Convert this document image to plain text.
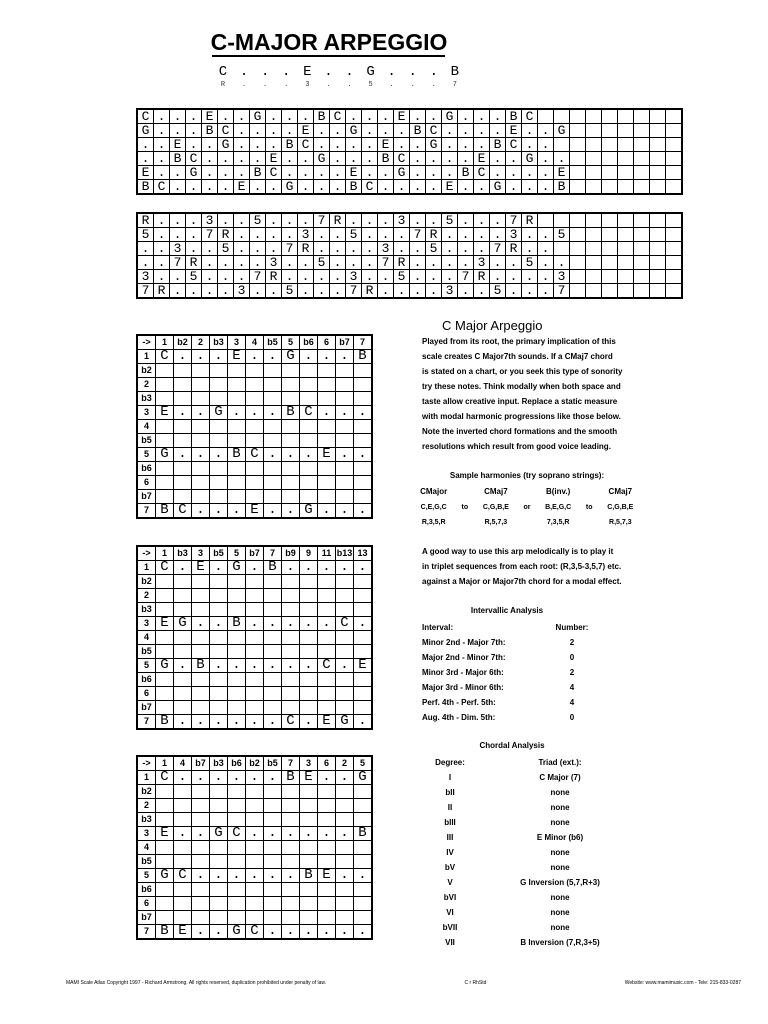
C-MAJOR ARPEGGIO
C . . . E . . G . . . B
R	.	.	.	3	.	.	5	.	.	.	7
C	.	.	.	E	.	.	G	.	.	.	B	C	.	.	.	E	.	.	G	.	.	.	B	C									
G	.	.	.	B	C	.	.	.	.	E	.	.	G	.	.	.	B	C	.	.	.	.	E	.	.	G							
.	.	E	.	.	G	.	.	.	B	C	.	.	.	.	E	.	.	G	.	.	.	B	C	.	.								
.	.	B	C	.	.	.	.	E	.	.	G	.	.	.	B	C	.	.	.	.	E	.	.	G	.	.							
E	.	.	G	.	.	.	B	C	.	.	.	.	E	.	.	G	.	.	.	B	C	.	.	.	.	E							
B	C	.	.	.	.	E	.	.	G	.	.	.	B	C	.	.	.	.	E	.	.	G	.	.	.	B							
R	.	.	.	3	.	.	5	.	.	.	7	R	.	.	.	3	.	.	5	.	.	.	7	R									
5	.	.	.	7	R	.	.	.	.	3	.	.	5	.	.	.	7	R	.	.	.	.	3	.	.	5							
.	.	3	.	.	5	.	.	.	7	R	.	.	.	.	3	.	.	5	.	.	.	7	R	.	.								
.	.	7	R	.	.	.	.	3	.	.	5	.	.	.	7	R	.	.	.	.	3	.	.	5	.	.							
3	.	.	5	.	.	.	7	R	.	.	.	.	3	.	.	5	.	.	.	7	R	.	.	.	.	3							
7	R	.	.	.	.	3	.	.	5	.	.	.	7	R	.	.	.	.	3	.	.	5	.	.	.	7							
->	1	b2	2	b3	3	4	b5	5	b6	6	b7	7
1	C	.	.	.	E	.	.	G	.	.	.	B
b2												
2												
b3												
3	E	.	.	G	.	.	.	B	C	.	.	.
4												
b5												
5	G	.	.	.	B	C	.	.	.	E	.	.
b6												
6												
b7												
7	B	C	.	.	.	E	.	.	G	.	.	.
->	1	b3	3	b5	5	b7	7	b9	9	11	b13	13
1	C	.	E	.	G	.	B	.	.	.	.	.
b2												
2												
b3												
3	E	G	.	.	B	.	.	.	.	.	C	.
4												
b5												
5	G	.	B	.	.	.	.	.	.	C	.	E
b6												
6												
b7												
7	B	.	.	.	.	.	.	C	.	E	G	.
->	1	4	b7	b3	b6	b2	b5	7	3	6	2	5
1	C	.	.	.	.	.	.	B	E	.	.	G
b2												
2												
b3												
3	E	.	.	G	C	.	.	.	.	.	.	B
4												
b5												
5	G	C	.	.	.	.	.	.	B	E	.	.
b6												
6												
b7												
7	B	E	.	.	G	C	.	.	.	.	.	.
C Major Arpeggio
Played from its root, the primary implication of this
scale creates C Major7th sounds. If a CMaj7 chord
is stated on a chart, or you seek this type of sonority
try these notes. Think modally when both space and
taste allow creative input. Replace a static measure
with modal harmonic progressions like those below.
Note the inverted chord formations and the smooth
resolutions which result from good voice leading.
Sample harmonies (try soprano strings):
CMajor	CMaj7	B(inv.)	CMaj7
C,E,G,C	to	C,G,B,E	or	B,E,G,C	to	C,G,B,E
R,3,5,R	R,5,7,3	7,3,5,R	R,5,7,3
A good way to use this arp melodically is to play it
in triplet sequences from each root: (R,3,5-3,5,7) etc.
against a Major or Major7th chord for a modal effect.
Intervallic Analysis
Interval:	Number:
Minor 2nd - Major 7th:	2
Major 2nd - Minor 7th:	0
Minor 3rd - Major 6th:	2
Major 3rd - Minor 6th:	4
Perf. 4th - Perf. 5th:	4
Aug. 4th - Dim. 5th:	0
Chordal Analysis
Degree:	Triad (ext.):
I	C Major (7)
bII	none
II	none
bIII	none
III	E Minor (b6)
IV	none
bV	none
V	G Inversion (5,7,R+3)
bVI	none
VI	none
bVII	none
VII	B Inversion (7,R,3+5)
MAMI Scale Atlas Copyright 1997 - Richard Armstrong. All rights reserved, duplication prohibited under penalty of law.	C r RhStd	Website: www.mamimusic.com - Tele: 215-833-0287
